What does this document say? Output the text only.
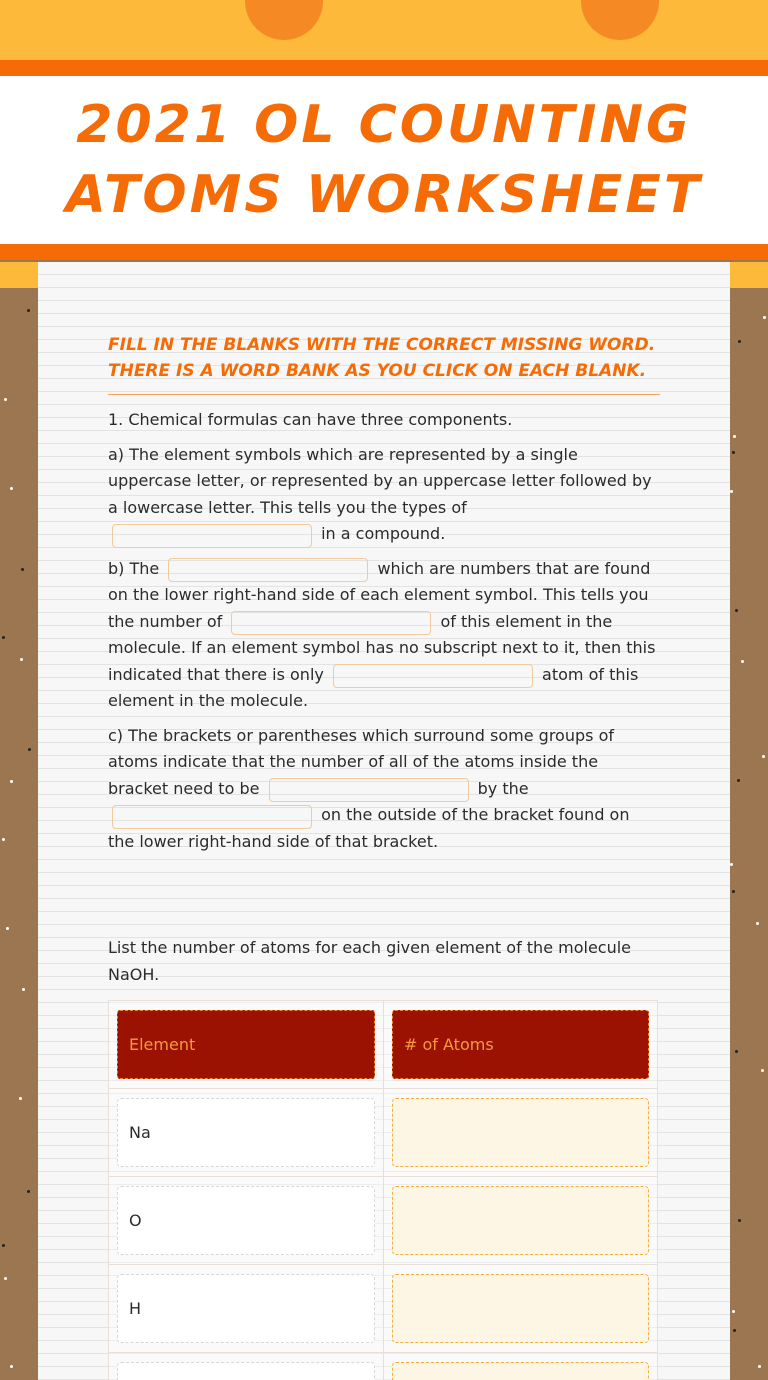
2021 OL COUNTING ATOMS WORKSHEET
FILL IN THE BLANKS WITH THE CORRECT MISSING WORD. THERE IS A WORD BANK AS YOU CLICK ON EACH BLANK.

1. Chemical formulas can have three components.

a) The element symbols which are represented by a single uppercase letter, or represented by an uppercase letter followed by a lowercase letter. This tells you the types of  in a compound.

b) The	which are numbers that are found on the lower right-hand side of each element symbol. This tells you the number of	of this element in the molecule. If an element symbol has no subscript next to it, then this indicated that there is only	atom of this element in the molecule.

c) The brackets or parentheses which surround some groups of atoms indicate that the number of all of the atoms inside the bracket need to be	by the  on the outside of the bracket found on the lower right-hand side of that bracket.

List the number of atoms for each given element of the molecule NaOH.

Element	# of Atoms
Na
O
H
